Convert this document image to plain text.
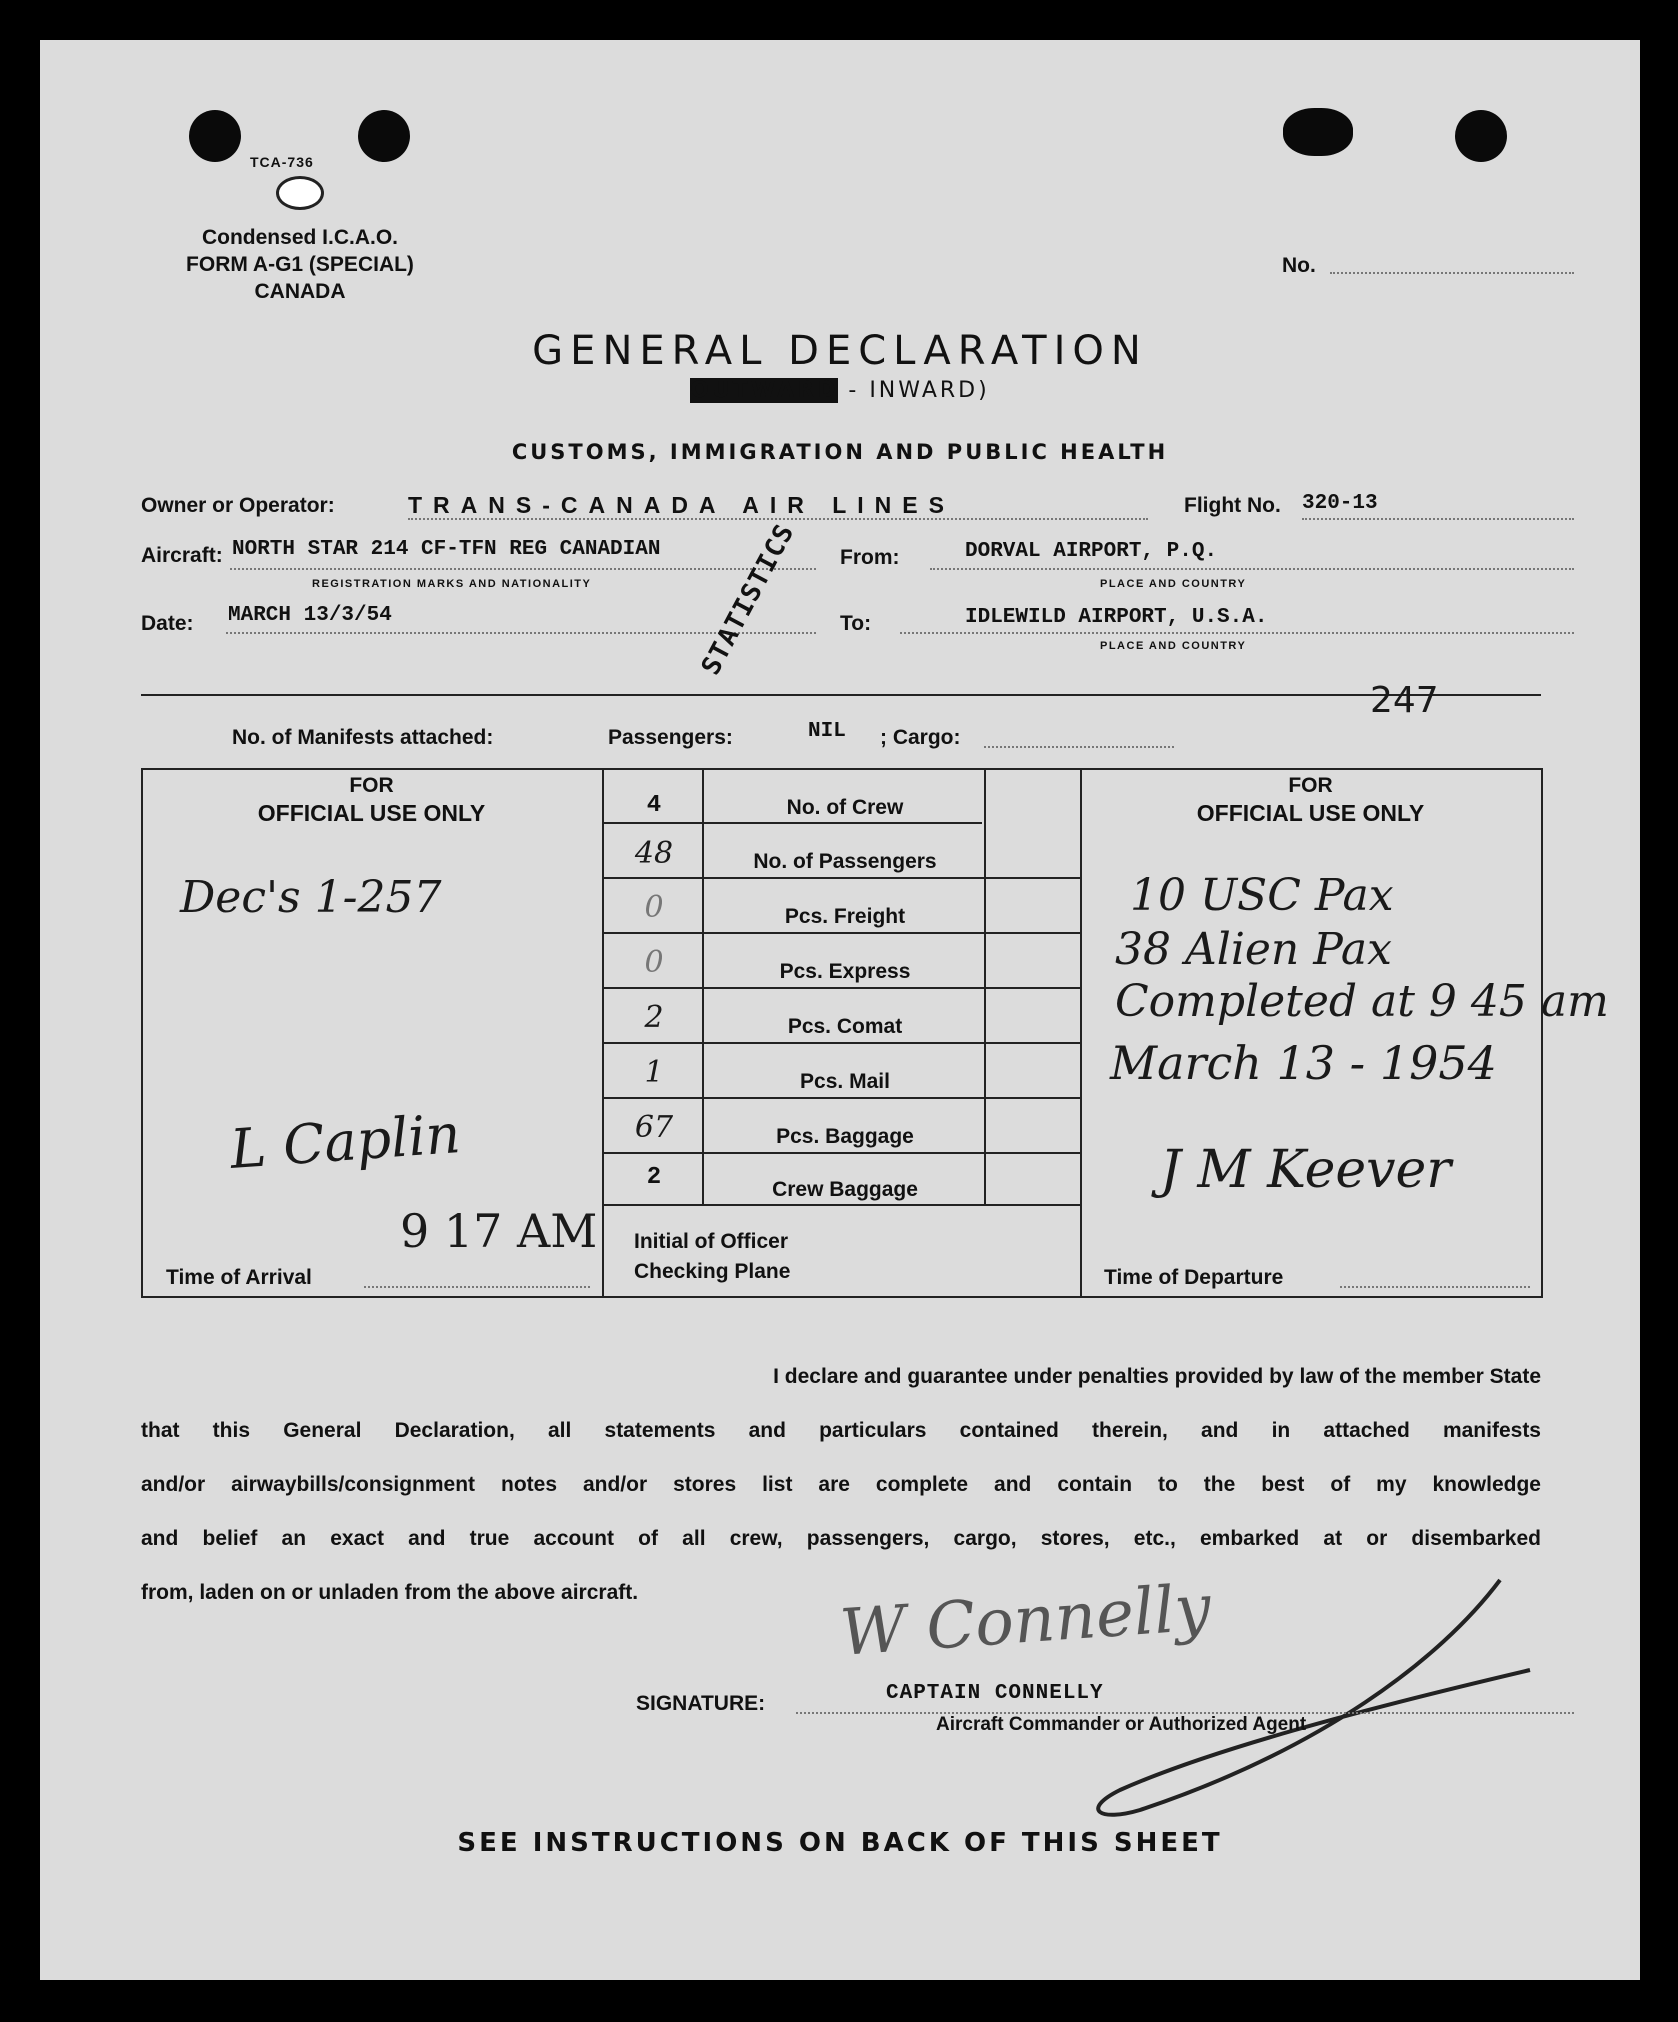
TCA-736
Condensed I.C.A.O.
FORM A-G1 (SPECIAL)
CANADA
No.
GENERAL DECLARATION
OUTWARD - INWARD)
CUSTOMS, IMMIGRATION AND PUBLIC HEALTH
Owner or Operator:	TRANS-CANADA AIR LINES	Flight No. 320-13
Aircraft: NORTH STAR 214 CF-TFN REG CANADIAN
REGISTRATION MARKS AND NATIONALITY
From:	DORVAL AIRPORT, P.Q.
PLACE AND COUNTRY
Date: MARCH 13/3/54	To:	IDLEWILD AIRPORT, U.S.A.
PLACE AND COUNTRY
STATISTICS
247
No. of Manifests attached:	Passengers:	NIL ; Cargo:
4	No. of Crew
48	No. of Passengers
0	Pcs. Freight
0	Pcs. Express
2	Pcs. Comat
1	Pcs. Mail
67	Pcs. Baggage
2	Crew Baggage
Initial of Officer
Checking Plane
FOR
OFFICIAL USE ONLY
Dec's 1-257
L Caplin
9 17 AM
Time of Arrival
FOR
OFFICIAL USE ONLY
10 USC Pax
38 Alien Pax
Completed at 9 45 am
March 13 - 1954
J M Keever
Time of Departure
I declare and guarantee under penalties provided by law of the member State
that this General Declaration, all statements and particulars contained therein, and in attached manifests
and/or airwaybills/consignment notes and/or stores list are complete and contain to the best of my knowledge
and belief an exact and true account of all crew, passengers, cargo, stores, etc., embarked at or disembarked
from, laden on or unladen from the above aircraft.	W Connelly
SIGNATURE:	CAPTAIN CONNELLY
Aircraft Commander or Authorized Agent
SEE INSTRUCTIONS ON BACK OF THIS SHEET
